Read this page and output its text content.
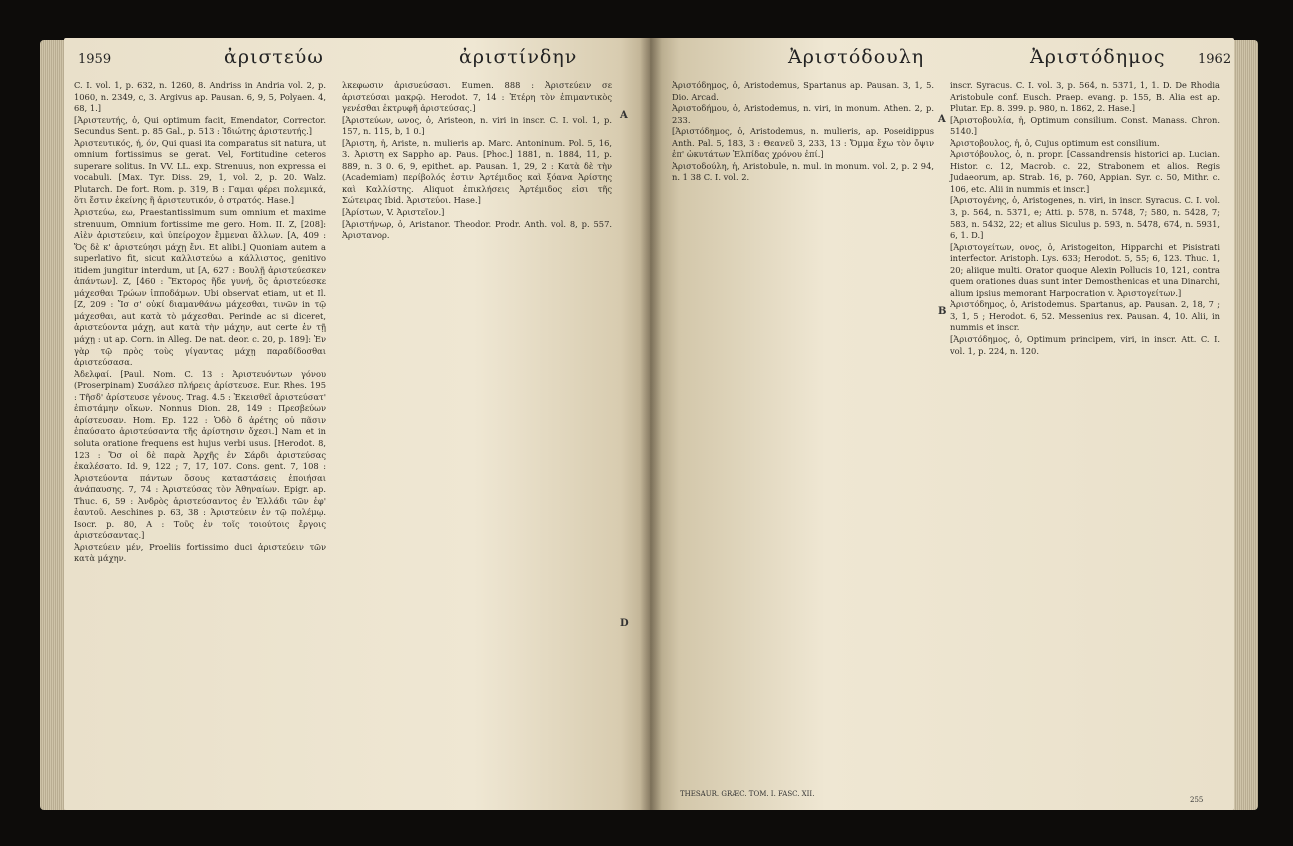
1959	ἀριστεύω	ἀριστίνδην

C. I. vol. 1, p. 632, n. 1260, 8. Andriss in Andria vol. 2, p. 1060, n. 2349, c, 3. Argivus ap. Pausan. 6, 9, 5, Polyaen. 4, 68, 1.]

[Ἀριστευτής, ὁ, Qui optimum facit, Emendator, Corrector. Secundus Sent. p. 85 Gal., p. 513 : Ἰδιώτης ἀριστευτής.]

Ἀριστευτικός, ή, όν, Qui quasi ita comparatus sit natura, ut omnium fortissimus se gerat. Vel, Fortitudine ceteros superare solitus. In VV. LL. exp. Strenuus, non expressa ei vocabuli. [Max. Tyr. Diss. 29, 1, vol. 2, p. 20. Walz. Plutarch. De fort. Rom. p. 319, B : Γαμαι φέρει πολεμικά, ὅτι ἔστιν ἐκείνης ἢ ἀριστευτικόν, ὁ στρατός. Hase.]

Ἀριστεύω, εω, Praestantissimum sum omnium et maxime strenuum, Omnium fortissime me gero. Hom. II. Z, [208]: Αἰὲν ἀριστεύειν, καὶ ὑπείροχον ἔμμεναι ἄλλων. [A, 409 : Ὅς δὲ κ' ἀριστεύησι μάχῃ ἔνι. Et alibi.] Quoniam autem a superlativo fit, sicut καλλιστεύω a κάλλιστος, genitivo itidem jungitur interdum, ut [A, 627 : Βουλῇ ἀριστεύεσκεν ἁπάντων]. Z, [460 : Ἕκτορος ἥδε γυνή, ὃς ἀριστεύεσκε μάχεσθαι Τρώων ἱπποδάμων. Ubi observat etiam, ut et Il. [Ζ, 209 : Ἴσ σ' οὐκί διαμανθάνω μάχεσθαι, τινῶν in τῷ μάχεσθαι, aut κατὰ τὸ μάχεσθαι. Perinde ac si diceret, ἀριστεύοντα μάχῃ, aut κατὰ τὴν μάχην, aut certe ἐν τῇ μάχῃ : ut ap. Corn. in Alleg. De nat. deor. c. 20, p. 189]: Ἐν γὰρ τῷ πρὸς τοὺς γίγαντας μάχῃ παραδίδοσθαι ἀριστεύσασα.

Ἀδελφαί. [Paul. Nom. C. 13 : Ἀριστευόντων γόνου (Proserpinam) Συσάλεσ πλήρεις ἀρίστευσε. Eur. Rhes. 195 : Τῆσδ' ἀρίστευσε γένους. Trag. 4.5 : Ἐκεισθεῖ ἀριστεύσατ' ἐπιστάμην οἴκων. Nonnus Dion. 28, 149 : Πρεσβεύων ἀρίστευσαν. Hom. Ep. 122 : Ὁδὸ δ ἀρέτης οὐ πᾶσιν ἐπαύσατο ἀριστεύσαντα τῆς ἀρίστησιν ὄχεσι.] Nam et in soluta oratione frequens est hujus verbi usus. [Herodot. 8, 123 : Ὅσ οἱ δὲ παρὰ Ἀρχῆς ἐν Σάρδι ἀριστεύσας ἐκαλέσατο. Id. 9, 122 ; 7, 17, 107. Cons. gent. 7, 108 : Ἀριστεύοντα πάντων ὅσους καταστάσεις ἐποιήσαι ἀνάπαυσης. 7, 74 : Ἀριστεύσας τὸν Ἀθηναίων. Epigr. ap. Thuc. 6, 59 : Ἀνδρὸς ἀριστεύσαντος ἐν Ἑλλάδι τῶν ἐφ' ἑαυτοῦ. Aeschines p. 63, 38 : Ἀριστεύειν ἐν τῷ πολέμῳ. Isocr. p. 80, A : Τοῦς ἐν τοῖς τοιούτοις ἔργοις ἀριστεύσαντας.]

Ἀριστεύειν μέν, Proeliis fortissimo duci ἀριστεύειν τῶν κατὰ μάχην.

λκεφωσιν ἀρισυεύσασι. Eumen. 888 : Ἀριστεύειν σε ἀριστεύσαι μακρῷ. Herodot. 7, 14 : Ἑτέρη τὸν ἐπιμαντικὸς γενέσθαι ἐκτρυφῆ ἀριστεύσας.]

[Ἀριστεύων, ωνος, ὁ, Aristeon, n. viri in inscr. C. I. vol. 1, p. 157, n. 115, b, 1 0.]

[Ἀριστη, ἡ, Ariste, n. mulieris ap. Marc. Antoninum. Pol. 5, 16, 3. Ἀριστη ex Sappho ap. Paus. [Phoc.] 1881, n. 1884, 11, p. 889, n. 3 0. 6, 9, epithet. ap. Pausan. 1, 29, 2 : Κατὰ δὲ τὴν (Academiam) περίβολός ἐστιν Ἀρτέμιδος καὶ ξόανα Ἀρίστης καὶ Καλλίστης. Aliquot ἐπικλήσεις Ἀρτέμιδος εἰσι τῆς Σώτειρας Ibid. Ἀριστεύοι. Hase.]

[Ἀρίστων, V. Ἀριστεῖον.]

[Ἀριστήνωρ, ὁ, Aristanor. Theodor. Prodr. Anth. vol. 8, p. 557. Ἀριστανορ.

A
D
Ἀριστόδουλη	Ἀριστόδημος 1962

Ἀριστόδημος, ὁ, Aristodemus, Spartanus ap. Pausan. 3, 1, 5. Dio. Arcad.

Ἀριστοδήμου, ὁ, Aristodemus, n. viri, in monum. Athen. 2, p. 233.

[Ἀριστόδημος, ὁ, Aristodemus, n. mulieris, ap. Poseidippus Anth. Pal. 5, 183, 3 : Θεανεῦ 3, 233, 13 : Ὄμμα ἔχω τὸν ὄψιν ἐπ' ὠκυτάτων Ἐλπίδας χρόνου ἐπί.]

Ἀριστοδούλη, ἡ, Aristobule, n. mul. in monum. vol. 2, p. 2 94, n. 1 38 C. I. vol. 2.

inscr. Syracus. C. I. vol. 3, p. 564, n. 5371, 1, 1. D. De Rhodia Aristobule conf. Eusch. Praep. evang. p. 155, B. Alia est ap. Plutar. Ep. 8. 399. p. 980, n. 1862, 2. Hase.]

[Ἀριστοβουλία, ἡ, Optimum consilium. Const. Manass. Chron. 5140.]

Ἀριστοβουλος, ἡ, ὁ, Cujus optimum est consilium.

Ἀριστόβουλος, ὁ, n. propr. [Cassandrensis historici ap. Lucian. Histor. c. 12, Macrob. c. 22, Strabonem et alios. Regis Judaeorum, ap. Strab. 16, p. 760, Appian. Syr. c. 50, Mithr. c. 106, etc. Alii in nummis et inscr.]

[Ἀριστογένης, ὁ, Aristogenes, n. viri, in inscr. Syracus. C. I. vol. 3, p. 564, n. 5371, e; Atti. p. 578, n. 5748, 7; 580, n. 5428, 7; 583, n. 5432, 22; et alius Siculus p. 593, n. 5478, 674, n. 5931, 6, 1. D.]

[Ἀριστογείτων, ονος, ὁ, Aristogeiton, Hipparchi et Pisistrati interfector. Aristoph. Lys. 633; Herodot. 5, 55; 6, 123. Thuc. 1, 20; aliique multi. Orator quoque Alexin Pollucis 10, 121, contra quem orationes duas sunt inter Demosthenicas et una Dinarchi, alium ipsius memorant Harpocration v. Ἀριστογείτων.]

Ἀριστόδημος, ὁ, Aristodemus. Spartanus, ap. Pausan. 2, 18, 7 ; 3, 1, 5 ; Herodot. 6, 52. Messenius rex. Pausan. 4, 10. Alii, in nummis et inscr.

[Ἀριστόδημος, ὁ, Optimum principem, viri, in inscr. Att. C. I. vol. 1, p. 224, n. 120.

A
B
THESAUR. GRÆC. TOM. I. FASC. XII.
255
